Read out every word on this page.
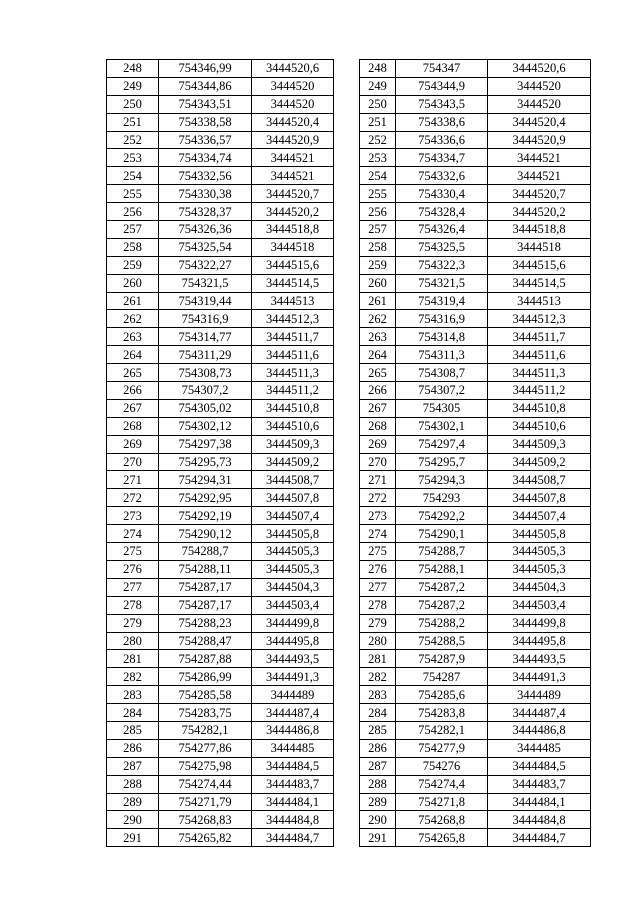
248	754346,99	3444520,6
249	754344,86	3444520
250	754343,51	3444520
251	754338,58	3444520,4
252	754336,57	3444520,9
253	754334,74	3444521
254	754332,56	3444521
255	754330,38	3444520,7
256	754328,37	3444520,2
257	754326,36	3444518,8
258	754325,54	3444518
259	754322,27	3444515,6
260	754321,5	3444514,5
261	754319,44	3444513
262	754316,9	3444512,3
263	754314,77	3444511,7
264	754311,29	3444511,6
265	754308,73	3444511,3
266	754307,2	3444511,2
267	754305,02	3444510,8
268	754302,12	3444510,6
269	754297,38	3444509,3
270	754295,73	3444509,2
271	754294,31	3444508,7
272	754292,95	3444507,8
273	754292,19	3444507,4
274	754290,12	3444505,8
275	754288,7	3444505,3
276	754288,11	3444505,3
277	754287,17	3444504,3
278	754287,17	3444503,4
279	754288,23	3444499,8
280	754288,47	3444495,8
281	754287,88	3444493,5
282	754286,99	3444491,3
283	754285,58	3444489
284	754283,75	3444487,4
285	754282,1	3444486,8
286	754277,86	3444485
287	754275,98	3444484,5
288	754274,44	3444483,7
289	754271,79	3444484,1
290	754268,83	3444484,8
291	754265,82	3444484,7
248	754347	3444520,6
249	754344,9	3444520
250	754343,5	3444520
251	754338,6	3444520,4
252	754336,6	3444520,9
253	754334,7	3444521
254	754332,6	3444521
255	754330,4	3444520,7
256	754328,4	3444520,2
257	754326,4	3444518,8
258	754325,5	3444518
259	754322,3	3444515,6
260	754321,5	3444514,5
261	754319,4	3444513
262	754316,9	3444512,3
263	754314,8	3444511,7
264	754311,3	3444511,6
265	754308,7	3444511,3
266	754307,2	3444511,2
267	754305	3444510,8
268	754302,1	3444510,6
269	754297,4	3444509,3
270	754295,7	3444509,2
271	754294,3	3444508,7
272	754293	3444507,8
273	754292,2	3444507,4
274	754290,1	3444505,8
275	754288,7	3444505,3
276	754288,1	3444505,3
277	754287,2	3444504,3
278	754287,2	3444503,4
279	754288,2	3444499,8
280	754288,5	3444495,8
281	754287,9	3444493,5
282	754287	3444491,3
283	754285,6	3444489
284	754283,8	3444487,4
285	754282,1	3444486,8
286	754277,9	3444485
287	754276	3444484,5
288	754274,4	3444483,7
289	754271,8	3444484,1
290	754268,8	3444484,8
291	754265,8	3444484,7
